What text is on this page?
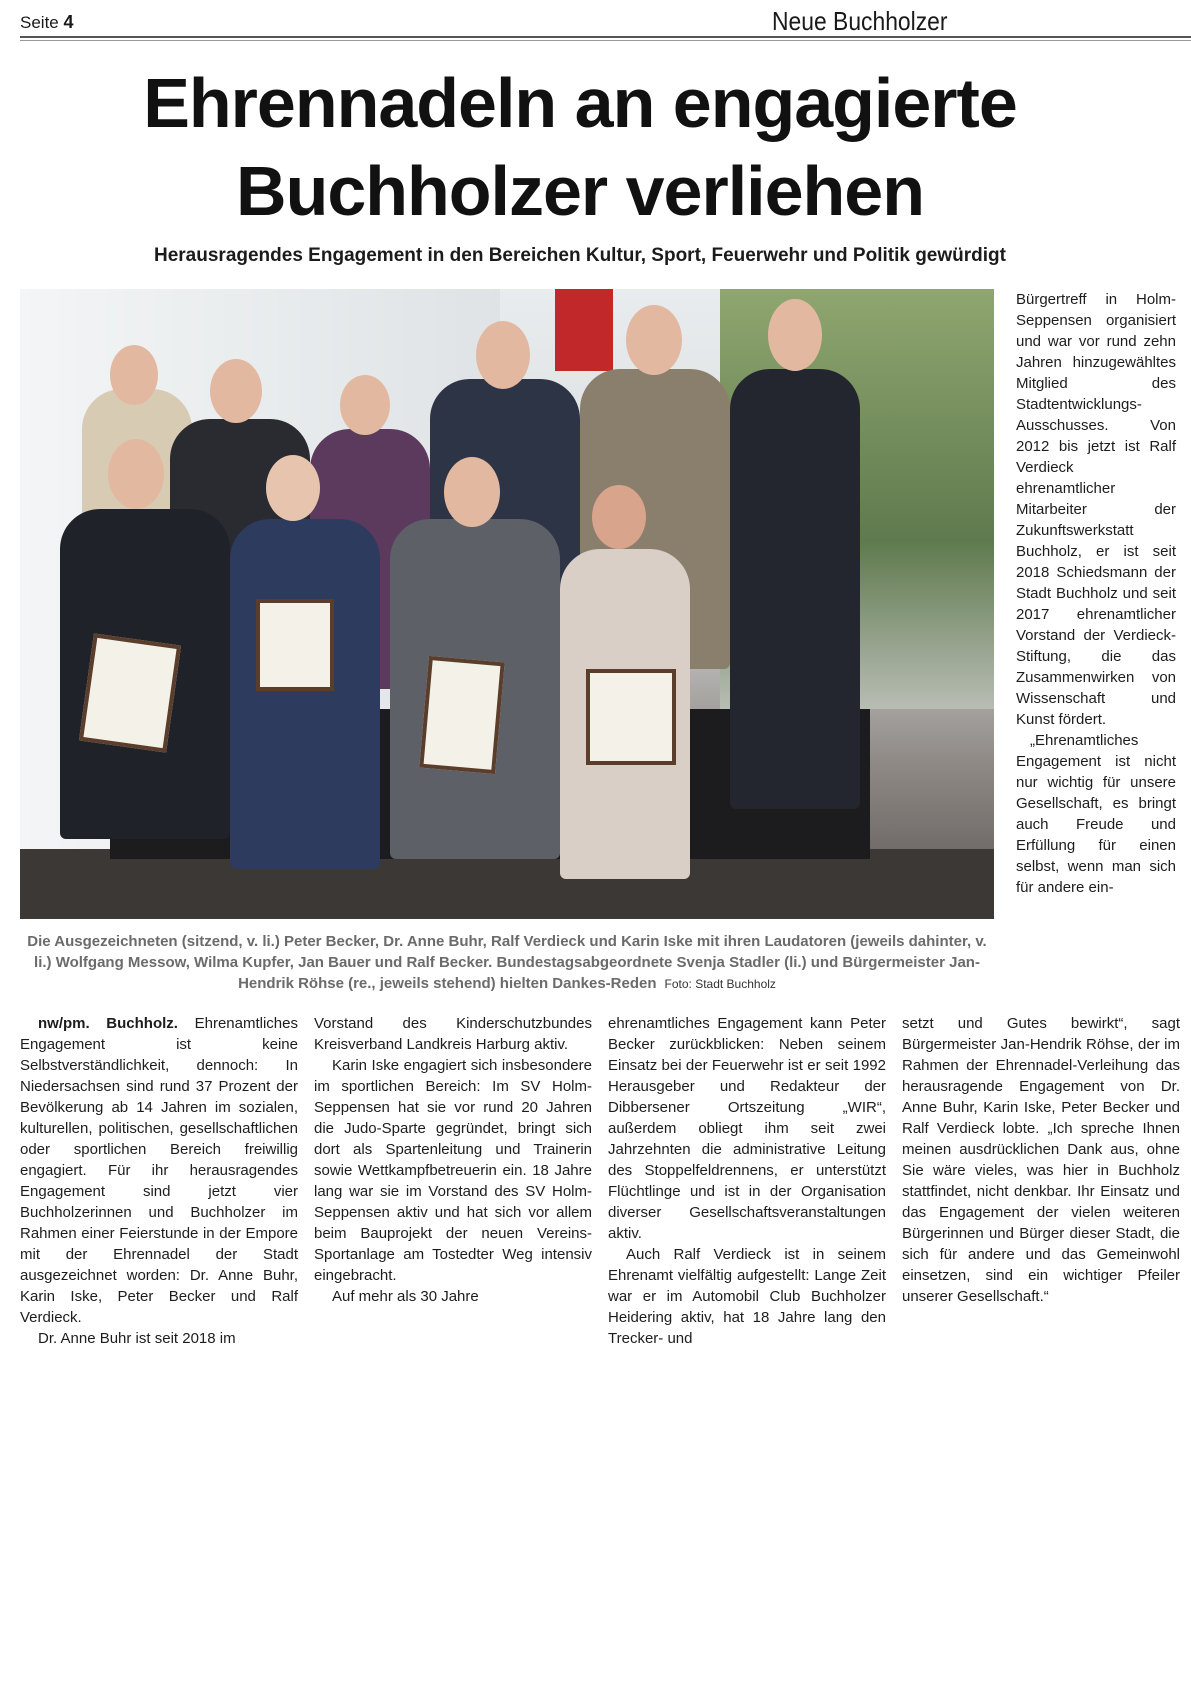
Seite 4	Neue Buchholzer
Ehrennadeln an engagierte
Buchholzer verliehen
Herausragendes Engagement in den Bereichen Kultur, Sport, Feuerwehr und Politik gewürdigt
Die Ausgezeichneten (sitzend, v. li.) Peter Becker, Dr. Anne Buhr, Ralf Verdieck und Karin Iske mit ihren Laudatoren (jeweils dahinter, v. li.) Wolfgang Messow, Wilma Kupfer, Jan Bauer und Ralf Becker. Bundestagsabgeordnete Svenja Stadler (li.) und Bürgermeister Jan-Hendrik Röhse (re., jeweils stehend) hielten Dankes-Reden Foto: Stadt Buchholz

Bürgertreff in Holm-Seppensen organisiert und war vor rund zehn Jahren hinzugewähltes Mitglied des Stadtentwicklungs-Ausschusses. Von 2012 bis jetzt ist Ralf Verdieck ehrenamtlicher Mitarbeiter der Zukunftswerkstatt Buchholz, er ist seit 2018 Schiedsmann der Stadt Buchholz und seit 2017 ehrenamtlicher Vorstand der Verdieck-Stiftung, die das Zusammenwirken von Wissenschaft und Kunst fördert.

„Ehrenamtliches Engagement ist nicht nur wichtig für unsere Gesellschaft, es bringt auch Freude und Erfüllung für einen selbst, wenn man sich für andere ein-

nw/pm. Buchholz. Ehrenamtliches Engagement ist keine Selbstverständlichkeit, dennoch: In Niedersachsen sind rund 37 Prozent der Bevölkerung ab 14 Jahren im sozialen, kulturellen, politischen, gesellschaftlichen oder sportlichen Bereich freiwillig engagiert. Für ihr herausragendes Engagement sind jetzt vier Buchholzerinnen und Buchholzer im Rahmen einer Feierstunde in der Empore mit der Ehrennadel der Stadt ausgezeichnet worden: Dr. Anne Buhr, Karin Iske, Peter Becker und Ralf Verdieck.

Dr. Anne Buhr ist seit 2018 im

Vorstand des Kinderschutzbundes Kreisverband Landkreis Harburg aktiv.

Karin Iske engagiert sich insbesondere im sportlichen Bereich: Im SV Holm-Seppensen hat sie vor rund 20 Jahren die Judo-Sparte gegründet, bringt sich dort als Spartenleitung und Trainerin sowie Wettkampfbetreuerin ein. 18 Jahre lang war sie im Vorstand des SV Holm-Seppensen aktiv und hat sich vor allem beim Bauprojekt der neuen Vereins-Sportanlage am Tostedter Weg intensiv eingebracht.

Auf mehr als 30 Jahre

ehrenamtliches Engagement kann Peter Becker zurückblicken: Neben seinem Einsatz bei der Feuerwehr ist er seit 1992 Herausgeber und Redakteur der Dibbersener Ortszeitung „WIR“, außerdem obliegt ihm seit zwei Jahrzehnten die administrative Leitung des Stoppelfeldrennens, er unterstützt Flüchtlinge und ist in der Organisation diverser Gesellschaftsveranstaltungen aktiv.

Auch Ralf Verdieck ist in seinem Ehrenamt vielfältig aufgestellt: Lange Zeit war er im Automobil Club Buchholzer Heidering aktiv, hat 18 Jahre lang den Trecker- und

setzt und Gutes bewirkt“, sagt Bürgermeister Jan-Hendrik Röhse, der im Rahmen der Ehrennadel-Verleihung das herausragende Engagement von Dr. Anne Buhr, Karin Iske, Peter Becker und Ralf Verdieck lobte. „Ich spreche Ihnen meinen ausdrücklichen Dank aus, ohne Sie wäre vieles, was hier in Buchholz stattfindet, nicht denkbar. Ihr Einsatz und das Engagement der vielen weiteren Bürgerinnen und Bürger dieser Stadt, die sich für andere und das Gemeinwohl einsetzen, sind ein wichtiger Pfeiler unserer Gesellschaft.“
